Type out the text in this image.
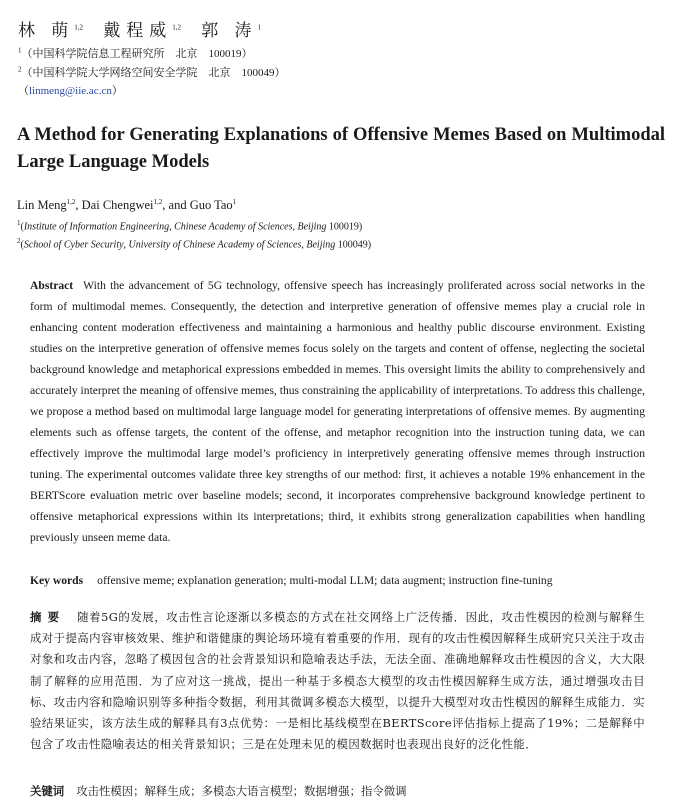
林 萌$^{1,2}$ 戴程威$^{1,2}$ 郭 涛$^1$
$^1$（中国科学院信息工程研究所　北京　100019）
$^2$（中国科学院大学网络空间安全学院　北京　100049）
（linmeng@iie.ac.cn）
A Method for Generating Explanations of Offensive Memes Based on Multimodal Large Language Models
Lin Meng$^{1,2}$, Dai Chengwei$^{1,2}$, and Guo Tao$^1$
$^1$(Institute of Information Engineering, Chinese Academy of Sciences, Beijing 100019)
$^2$(School of Cyber Security, University of Chinese Academy of Sciences, Beijing 100049)
Abstract With the advancement of 5G technology, offensive speech has increasingly proliferated across social networks in the form of multimodal memes. Consequently, the detection and interpretive generation of offensive memes play a crucial role in enhancing content moderation effectiveness and maintaining a harmonious and healthy public discourse environment. Existing studies on the interpretive generation of offensive memes focus solely on the targets and content of offense, neglecting the societal background knowledge and metaphorical expressions embedded in memes. This oversight limits the ability to comprehensively and accurately interpret the meaning of offensive memes, thus constraining the applicability of interpretations. To address this challenge, we propose a method based on multimodal large language model for generating interpretations of offensive memes. By augmenting elements such as offense targets, the content of the offense, and metaphor recognition into the instruction tuning data, we can effectively improve the multimodal large model’s proficiency in interpretively generating offensive memes through instruction tuning. The experimental outcomes validate three key strengths of our method: first, it achieves a notable 19% enhancement in the BERTScore evaluation metric over baseline models; second, it incorporates comprehensive background knowledge pertinent to offensive metaphorical expressions within its interpretations; third, it exhibits strong generalization capabilities when handling previously unseen meme data.
Key words offensive meme; explanation generation; multi-modal LLM; data augment; instruction fine-tuning
摘要 随着5G的发展，攻击性言论逐渐以多模态的方式在社交网络上广泛传播．因此，攻击性模因的检测与解释生成对于提高内容审核效果、维护和谐健康的舆论场环境有着重要的作用．现有的攻击性模因解释生成研究只关注于攻击对象和攻击内容，忽略了模因包含的社会背景知识和隐喻表达手法，无法全面、准确地解释攻击性模因的含义，大大限制了解释的应用范围．为了应对这一挑战，提出一种基于多模态大模型的攻击性模因解释生成方法，通过增强攻击目标、攻击内容和隐喻识别等多种指令数据，利用其微调多模态大模型，以提升大模型对攻击性模因的解释生成能力．实验结果证实，该方法生成的解释具有3点优势：一是相比基线模型在BERTScore评估指标上提高了19%；二是解释中包含了攻击性隐喻表达的相关背景知识；三是在处理未见的模因数据时也表现出良好的泛化性能．
关键词 攻击性模因；解释生成；多模态大语言模型；数据增强；指令微调
